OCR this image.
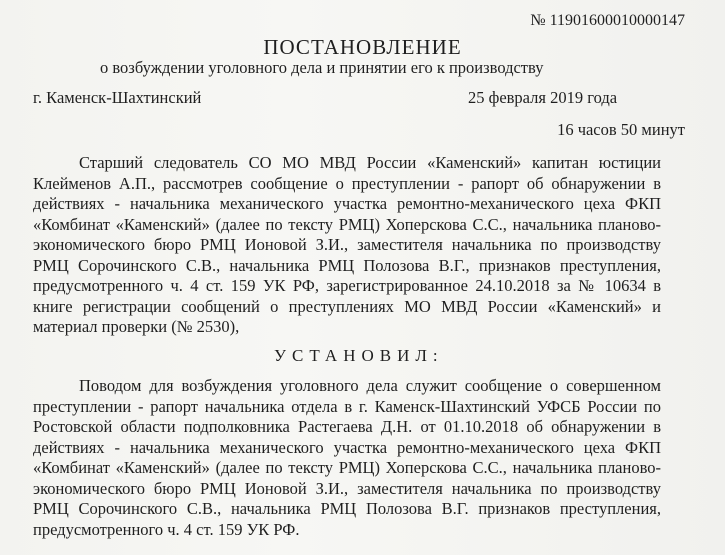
№ 11901600010000147
ПОСТАНОВЛЕНИЕ
о возбуждении уголовного дела и принятии его к производству
г. Каменск-Шахтинский	25 февраля 2019 года
16 часов 50 минут
Старший следователь СО МО МВД России «Каменский» капитан юстиции Клейменов А.П., рассмотрев сообщение о преступлении - рапорт об обнаружении в действиях - начальника механического участка ремонтно-механического цеха ФКП «Комбинат «Каменский» (далее по тексту РМЦ) Хоперскова С.С., начальника планово-экономического бюро РМЦ Ионовой З.И., заместителя начальника по производству РМЦ Сорочинского С.В., начальника РМЦ Полозова В.Г., признаков преступления, предусмотренного ч. 4 ст. 159 УК РФ, зарегистрированное 24.10.2018 за № 10634 в книге регистрации сообщений о преступлениях МО МВД России «Каменский» и материал проверки (№ 2530),
УСТАНОВИЛ:
Поводом для возбуждения уголовного дела служит сообщение о совершенном преступлении - рапорт начальника отдела в г. Каменск-Шахтинский УФСБ России по Ростовской области подполковника Растегаева Д.Н. от 01.10.2018 об обнаружении в действиях - начальника механического участка ремонтно-механического цеха ФКП «Комбинат «Каменский» (далее по тексту РМЦ) Хоперскова С.С., начальника планово-экономического бюро РМЦ Ионовой З.И., заместителя начальника по производству РМЦ Сорочинского С.В., начальника РМЦ Полозова В.Г. признаков преступления, предусмотренного ч. 4 ст. 159 УК РФ.
